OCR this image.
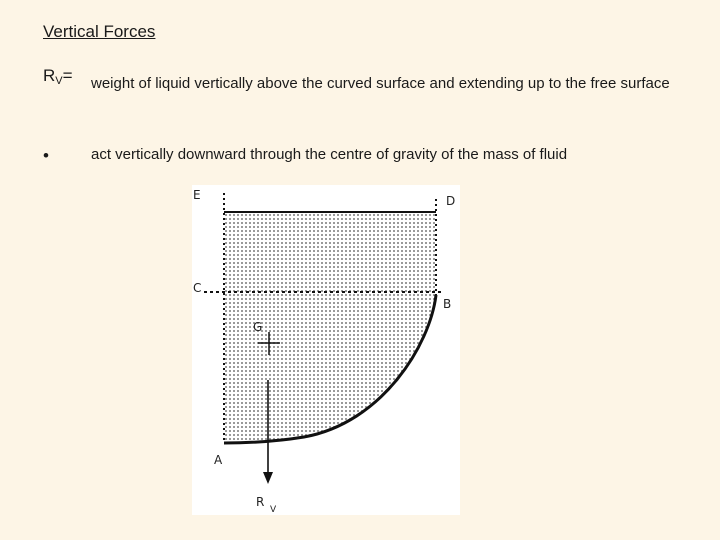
Vertical Forces
$R_V=$ weight of liquid vertically above the curved surface and extending up to the free surface
•	act vertically downward through the centre of gravity of the mass of fluid
E	D
C
B
G
A
R
V
